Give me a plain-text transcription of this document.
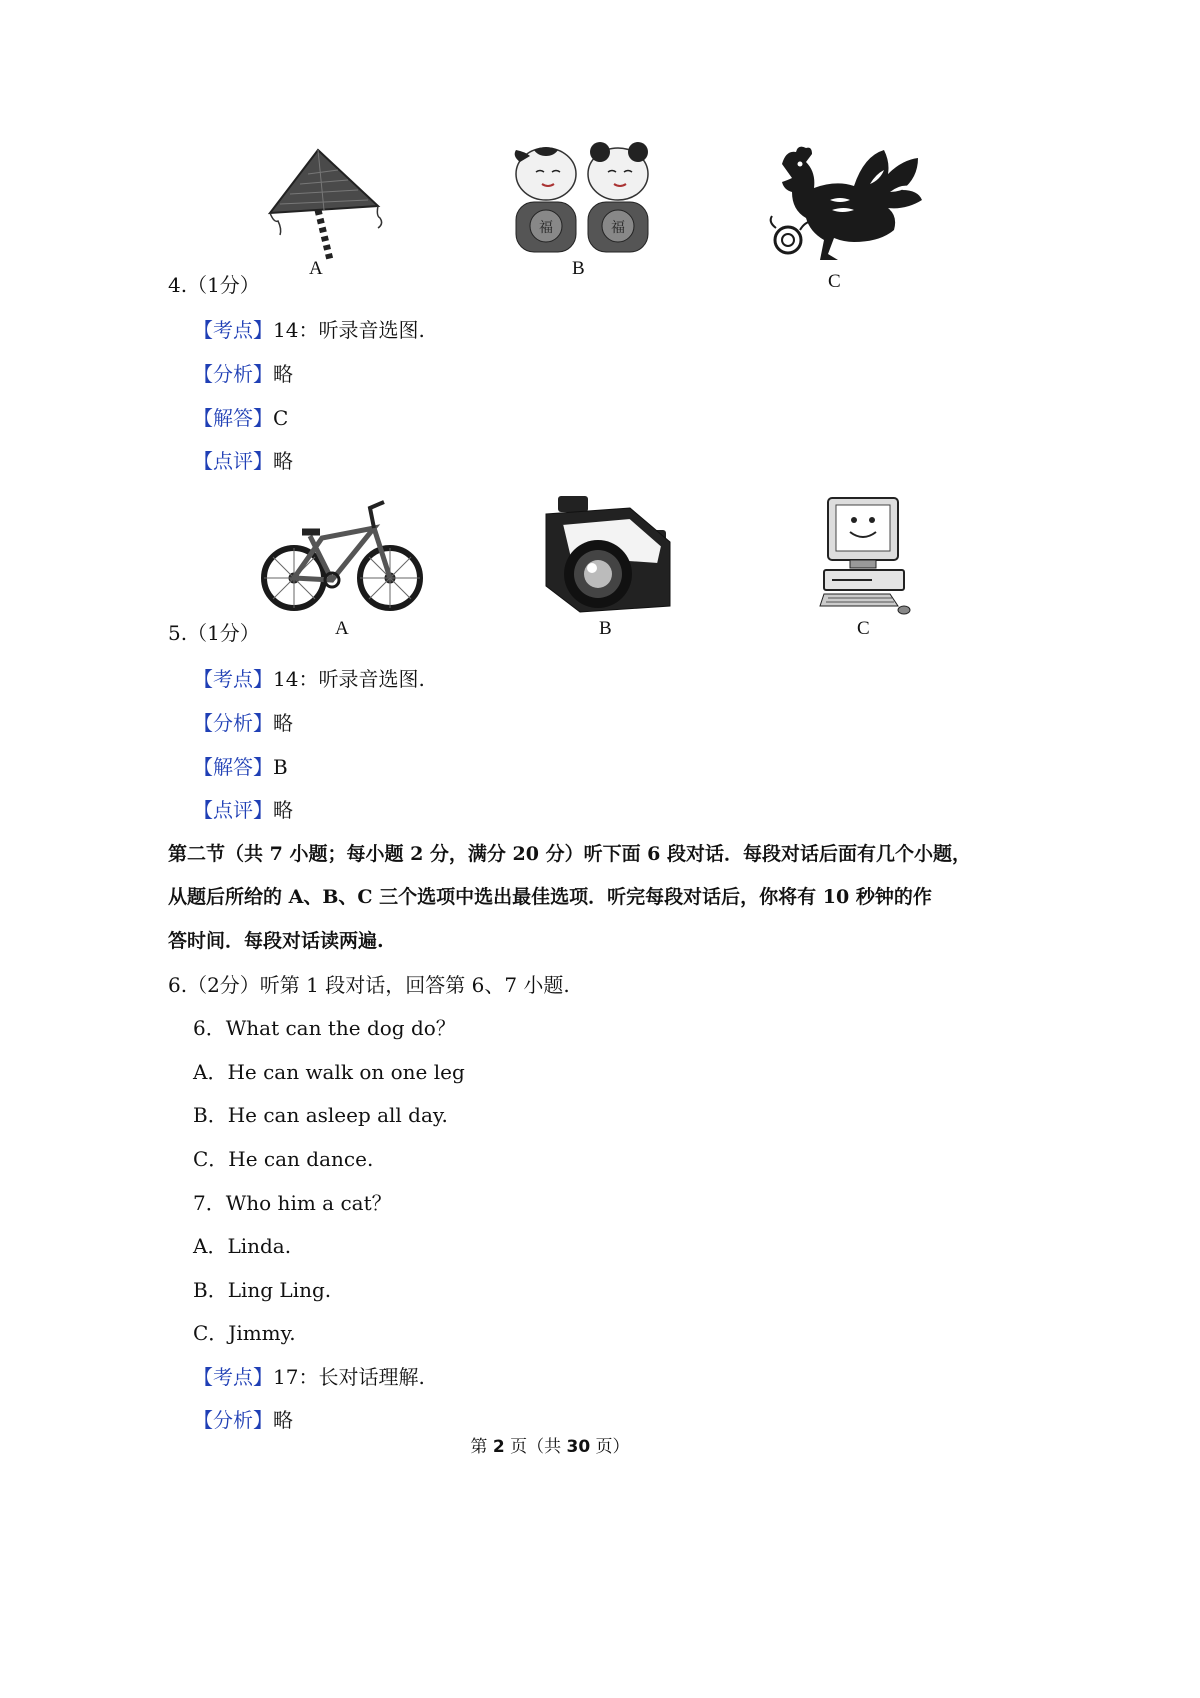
A
福	福
B
C
4.（1分）
【考点】14：听录音选图.
【分析】略
【解答】C
【点评】略
A	B	C
5.（1分）
【考点】14：听录音选图.
【分析】略
【解答】B
【点评】略
第二节（共 7 小题；每小题 2 分，满分 20 分）听下面 6 段对话．每段对话后面有几个小题，
从题后所给的 A、B、C 三个选项中选出最佳选项．听完每段对话后，你将有 10 秒钟的作
答时间．每段对话读两遍.
6.（2分）听第 1 段对话，回答第 6、7 小题.
6．What can the dog do？
A．He can walk on one leg
B．He can asleep all day.
C．He can dance.
7．Who him a cat？
A．Linda.
B．Ling Ling.
C．Jimmy.
【考点】17：长对话理解.
【分析】略
第 2 页（共 30 页）
